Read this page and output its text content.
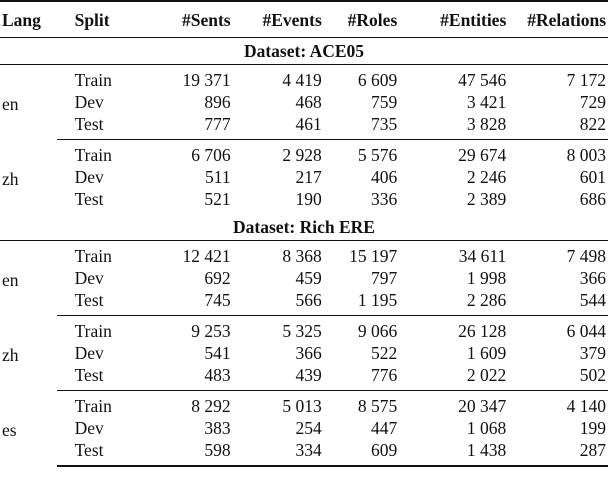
Lang	Split	#Sents	#Events	#Roles	#Entities	#Relations
Dataset: ACE05						
en	Train	19 371	4 419	6 609	47 546	7 172
	Dev	896	468	759	3 421	729
	Test	777	461	735	3 828	822
zh	Train	6 706	2 928	5 576	29 674	8 003
	Dev	511	217	406	2 246	601
	Test	521	190	336	2 389	686
Dataset: Rich ERE						
en	Train	12 421	8 368	15 197	34 611	7 498
	Dev	692	459	797	1 998	366
	Test	745	566	1 195	2 286	544
zh	Train	9 253	5 325	9 066	26 128	6 044
	Dev	541	366	522	1 609	379
	Test	483	439	776	2 022	502
es	Train	8 292	5 013	8 575	20 347	4 140
	Dev	383	254	447	1 068	199
	Test	598	334	609	1 438	287
